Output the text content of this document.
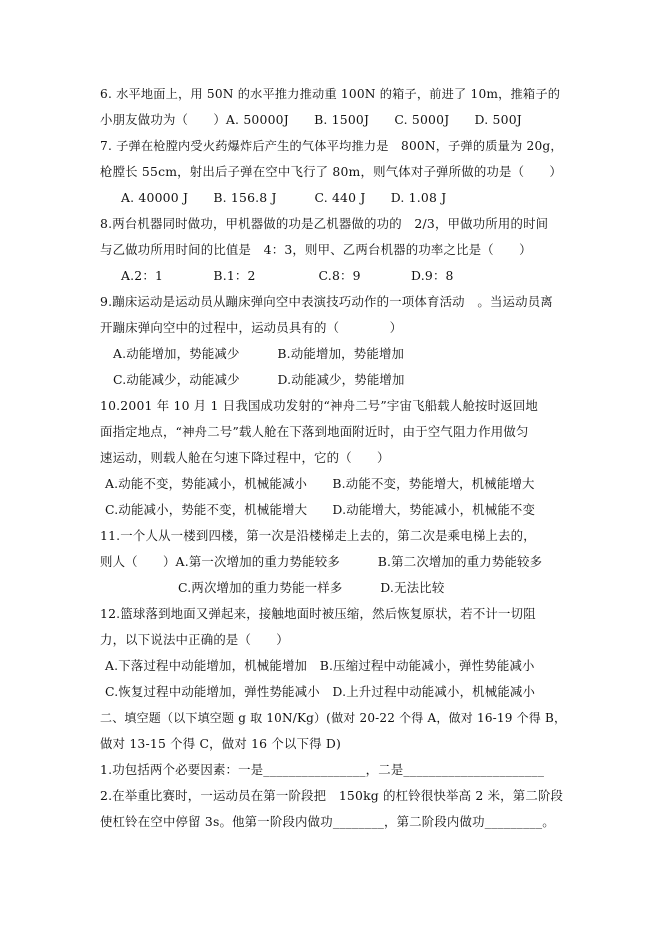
6. 水平地面上，用 50N 的水平推力推动重 100N 的箱子，前进了 10m，推箱子的
小朋友做功为（　　）A. 50000J　　B. 1500J　　C. 5000J　　D. 500J
7. 子弹在枪膛内受火药爆炸后产生的气体平均推力是　800N，子弹的质量为 20g，
枪膛长 55cm，射出后子弹在空中飞行了 80m，则气体对子弹所做的功是（　　）
A. 40000 J　　B. 156.8 J　　　C. 440 J　　D. 1.08 J
8.两台机器同时做功，甲机器做的功是乙机器做的功的　2/3，甲做功所用的时间
与乙做功所用时间的比值是　4：3，则甲、乙两台机器的功率之比是（　　）
A.2：1　　　　B.1：2　　　　　C.8：9　　　　D.9：8
9.蹦床运动是运动员从蹦床弹向空中表演技巧动作的一项体育活动　。当运动员离
开蹦床弹向空中的过程中，运动员具有的（　　　　）
A.动能增加，势能减少　　　B.动能增加，势能增加
C.动能减少，动能减少　　　D.动能减少，势能增加
10.2001 年 10 月 1 日我国成功发射的“神舟二号”宇宙飞船载人舱按时返回地
面指定地点，“神舟二号”载人舱在下落到地面附近时，由于空气阻力作用做匀
速运动，则载人舱在匀速下降过程中，它的（　　）
A.动能不变，势能减小，机械能减小　　B.动能不变，势能增大，机械能增大
C.动能减小，势能不变，机械能增大　　D.动能增大，势能减小，机械能不变
11.一个人从一楼到四楼，第一次是沿楼梯走上去的，第二次是乘电梯上去的，
则人（　　）A.第一次增加的重力势能较多　　　B.第二次增加的重力势能较多
C.两次增加的重力势能一样多　　　D.无法比较
12.篮球落到地面又弹起来，接触地面时被压缩，然后恢复原状，若不计一切阻
力，以下说法中正确的是（　　）
A.下落过程中动能增加，机械能增加　B.压缩过程中动能减小，弹性势能减小
C.恢复过程中动能增加，弹性势能减小　D.上升过程中动能减小，机械能减小
二、填空题（以下填空题 g 取 10N/Kg）(做对 20-22 个得 A，做对 16-19 个得 B，
做对 13-15 个得 C，做对 16 个以下得 D)
1.功包括两个必要因素：一是________________，二是______________________
2.在举重比赛时，一运动员在第一阶段把　150kg 的杠铃很快举高 2 米，第二阶段
使杠铃在空中停留 3s。他第一阶段内做功________，第二阶段内做功_________。
